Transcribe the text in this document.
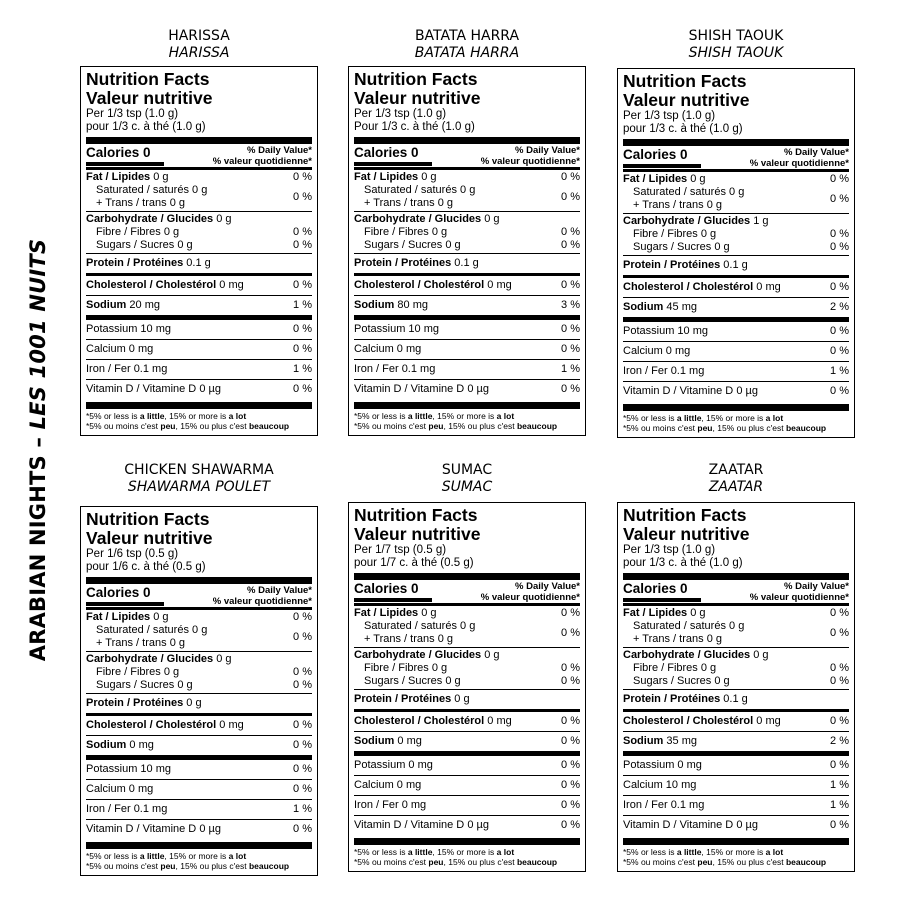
ARABIAN NIGHTS – LES 1001 NUITS
HARISSA
HARISSA
Nutrition Facts
Valeur nutritive
Per 1/3 tsp (1.0 g)
pour 1/3 c. à thé (1.0 g)
Calories 0	% Daily Value*
% valeur quotidienne*
Fat / Lipides 0 g	0 %
Saturated / saturés 0 g
+ Trans / trans 0 g	0 %
Carbohydrate / Glucides 0 g
Fibre / Fibres 0 g	0 %
Sugars / Sucres 0 g	0 %
Protein / Protéines 0.1 g
Cholesterol / Cholestérol 0 mg	0 %
Sodium 20 mg	1 %
Potassium 10 mg	0 %
Calcium 0 mg	0 %
Iron / Fer 0.1 mg	1 %
Vitamin D / Vitamine D 0 µg	0 %
*5% or less is a little, 15% or more is a lot
*5% ou moins c'est peu, 15% ou plus c'est beaucoup
BATATA HARRA
BATATA HARRA
Nutrition Facts
Valeur nutritive
Per 1/3 tsp (1.0 g)
Pour 1/3 c. à thé (1.0 g)
Calories 0	% Daily Value*
% valeur quotidienne*
Fat / Lipides 0 g	0 %
Saturated / saturés 0 g
+ Trans / trans 0 g	0 %
Carbohydrate / Glucides 0 g
Fibre / Fibres 0 g	0 %
Sugars / Sucres 0 g	0 %
Protein / Protéines 0.1 g
Cholesterol / Cholestérol 0 mg	0 %
Sodium 80 mg	3 %
Potassium 10 mg	0 %
Calcium 0 mg	0 %
Iron / Fer 0.1 mg	1 %
Vitamin D / Vitamine D 0 µg	0 %
*5% or less is a little, 15% or more is a lot
*5% ou moins c'est peu, 15% ou plus c'est beaucoup
SHISH TAOUK
SHISH TAOUK
Nutrition Facts
Valeur nutritive
Per 1/3 tsp (1.0 g)
pour 1/3 c. à thé (1.0 g)
Calories 0	% Daily Value*
% valeur quotidienne*
Fat / Lipides 0 g	0 %
Saturated / saturés 0 g
+ Trans / trans 0 g	0 %
Carbohydrate / Glucides 1 g
Fibre / Fibres 0 g	0 %
Sugars / Sucres 0 g	0 %
Protein / Protéines 0.1 g
Cholesterol / Cholestérol 0 mg	0 %
Sodium 45 mg	2 %
Potassium 10 mg	0 %
Calcium 0 mg	0 %
Iron / Fer 0.1 mg	1 %
Vitamin D / Vitamine D 0 µg	0 %
*5% or less is a little, 15% or more is a lot
*5% ou moins c'est peu, 15% ou plus c'est beaucoup
CHICKEN SHAWARMA
SHAWARMA POULET
Nutrition Facts
Valeur nutritive
Per 1/6 tsp (0.5 g)
pour 1/6 c. à thé (0.5 g)
Calories 0	% Daily Value*
% valeur quotidienne*
Fat / Lipides 0 g	0 %
Saturated / saturés 0 g
+ Trans / trans 0 g	0 %
Carbohydrate / Glucides 0 g
Fibre / Fibres 0 g	0 %
Sugars / Sucres 0 g	0 %
Protein / Protéines 0 g
Cholesterol / Cholestérol 0 mg	0 %
Sodium 0 mg	0 %
Potassium 10 mg	0 %
Calcium 0 mg	0 %
Iron / Fer 0.1 mg	1 %
Vitamin D / Vitamine D 0 µg	0 %
*5% or less is a little, 15% or more is a lot
*5% ou moins c'est peu, 15% ou plus c'est beaucoup
SUMAC
SUMAC
Nutrition Facts
Valeur nutritive
Per 1/7 tsp (0.5 g)
pour 1/7 c. à thé (0.5 g)
Calories 0	% Daily Value*
% valeur quotidienne*
Fat / Lipides 0 g	0 %
Saturated / saturés 0 g
+ Trans / trans 0 g	0 %
Carbohydrate / Glucides 0 g
Fibre / Fibres 0 g	0 %
Sugars / Sucres 0 g	0 %
Protein / Protéines 0 g
Cholesterol / Cholestérol 0 mg	0 %
Sodium 0 mg	0 %
Potassium 0 mg	0 %
Calcium 0 mg	0 %
Iron / Fer 0 mg	0 %
Vitamin D / Vitamine D 0 µg	0 %
*5% or less is a little, 15% or more is a lot
*5% ou moins c'est peu, 15% ou plus c'est beaucoup
ZAATAR
ZAATAR
Nutrition Facts
Valeur nutritive
Per 1/3 tsp (1.0 g)
pour 1/3 c. à thé (1.0 g)
Calories 0	% Daily Value*
% valeur quotidienne*
Fat / Lipides 0 g	0 %
Saturated / saturés 0 g
+ Trans / trans 0 g	0 %
Carbohydrate / Glucides 0 g
Fibre / Fibres 0 g	0 %
Sugars / Sucres 0 g	0 %
Protein / Protéines 0.1 g
Cholesterol / Cholestérol 0 mg	0 %
Sodium 35 mg	2 %
Potassium 0 mg	0 %
Calcium 10 mg	1 %
Iron / Fer 0.1 mg	1 %
Vitamin D / Vitamine D 0 µg	0 %
*5% or less is a little, 15% or more is a lot
*5% ou moins c'est peu, 15% ou plus c'est beaucoup
